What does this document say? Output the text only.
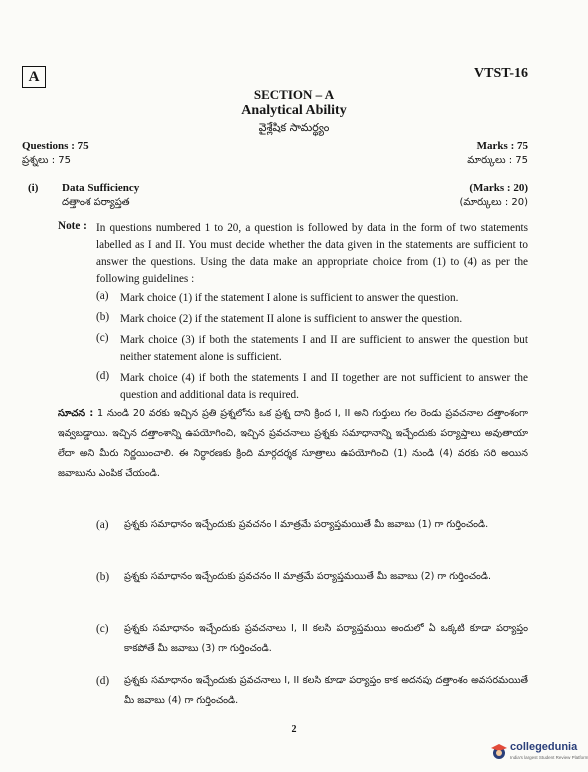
A	VTST-16
SECTION – A
Analytical Ability
వైశ్లేషిక సామర్థ్యం
Questions : 75
ప్రశ్నలు : 75
Marks : 75
మార్కులు : 75
(i) Data Sufficiency
దత్తాంశ పర్యాప్తత
(Marks : 20)
(మార్కులు : 20)
Note : In questions numbered 1 to 20, a question is followed by data in the form of two statements labelled as I and II. You must decide whether the data given in the statements are sufficient to answer the questions. Using the data make an appropriate choice from (1) to (4) as per the following guidelines :
(a) Mark choice (1) if the statement I alone is sufficient to answer the question.
(b) Mark choice (2) if the statement II alone is sufficient to answer the question.
(c) Mark choice (3) if both the statements I and II are sufficient to answer the question but neither statement alone is sufficient.
(d) Mark choice (4) if both the statements I and II together are not sufficient to answer the question and additional data is required.
సూచన : 1 నుండి 20 వరకు ఇచ్చిన ప్రతి ప్రశ్నలోను ఒక ప్రశ్న దాని క్రింద I, II అని గుర్తులు గల రెండు ప్రవచనాల దత్తాంశంగా ఇవ్వబడ్డాయి. ఇచ్చిన దత్తాంశాన్ని ఉపయోగించి, ఇచ్చిన ప్రవచనాలు ప్రశ్నకు సమాధానాన్ని ఇచ్చేందుకు పర్యాప్తాలు అవుతాయా లేదా అని మీరు నిర్ణయించాలి. ఈ నిర్ధారణకు క్రింది మార్గదర్శక సూత్రాలు ఉపయోగించి (1) నుండి (4) వరకు సరి అయిన జవాబును ఎంపిక చేయండి.
(a) ప్రశ్నకు సమాధానం ఇచ్చేందుకు ప్రవచనం I మాత్రమే పర్యాప్తమయితే మీ జవాబు (1) గా గుర్తించండి.
(b) ప్రశ్నకు సమాధానం ఇచ్చేందుకు ప్రవచనం II మాత్రమే పర్యాప్తమయితే మీ జవాబు (2) గా గుర్తించండి.
(c) ప్రశ్నకు సమాధానం ఇచ్చేందుకు ప్రవచనాలు I, II కలసి పర్యాప్తమయి అందులో ఏ ఒక్కటి కూడా పర్యాప్తం కాకపోతే మీ జవాబు (3) గా గుర్తించండి.
(d) ప్రశ్నకు సమాధానం ఇచ్చేందుకు ప్రవచనాలు I, II కలసి కూడా పర్యాప్తం కాక అదనపు దత్తాంశం అవసరమయితే మీ జవాబు (4) గా గుర్తించండి.
2
collegedunia
India's largest Student Review Platform
